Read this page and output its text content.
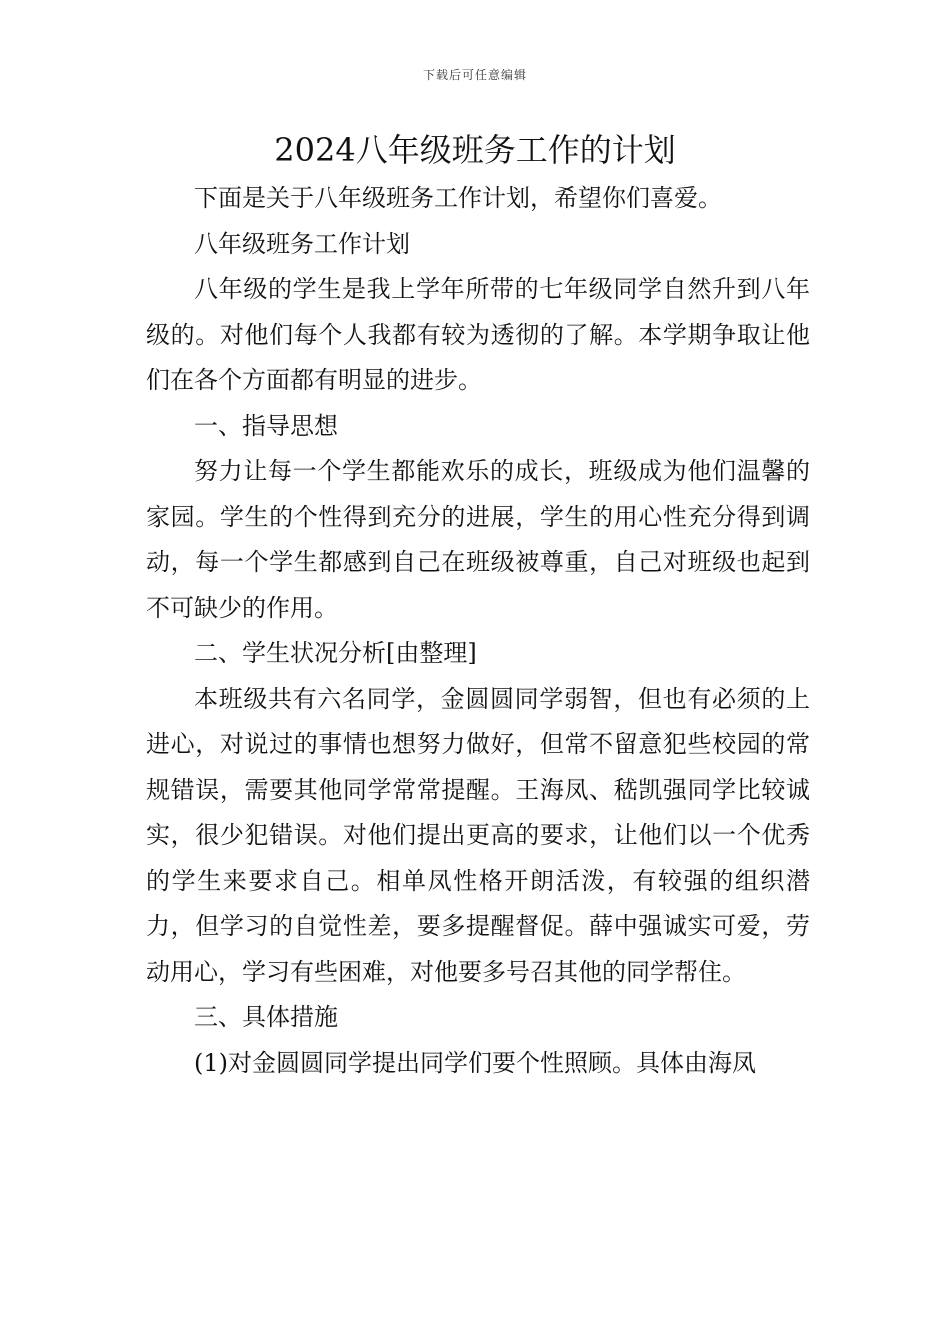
下载后可任意编辑
2024八年级班务工作的计划

下面是关于八年级班务工作计划，希望你们喜爱。

八年级班务工作计划

八年级的学生是我上学年所带的七年级同学自然升到八年级的。对他们每个人我都有较为透彻的了解。本学期争取让他们在各个方面都有明显的进步。

一、指导思想

努力让每一个学生都能欢乐的成长，班级成为他们温馨的家园。学生的个性得到充分的进展，学生的用心性充分得到调动，每一个学生都感到自己在班级被尊重，自己对班级也起到不可缺少的作用。

二、学生状况分析[由整理]

本班级共有六名同学，金圆圆同学弱智，但也有必须的上进心，对说过的事情也想努力做好，但常不留意犯些校园的常规错误，需要其他同学常常提醒。王海凤、嵇凯强同学比较诚实，很少犯错误。对他们提出更高的要求，让他们以一个优秀的学生来要求自己。相单凤性格开朗活泼，有较强的组织潜力，但学习的自觉性差，要多提醒督促。薛中强诚实可爱，劳动用心，学习有些困难，对他要多号召其他的同学帮住。

三、具体措施

(1)对金圆圆同学提出同学们要个性照顾。具体由海凤
